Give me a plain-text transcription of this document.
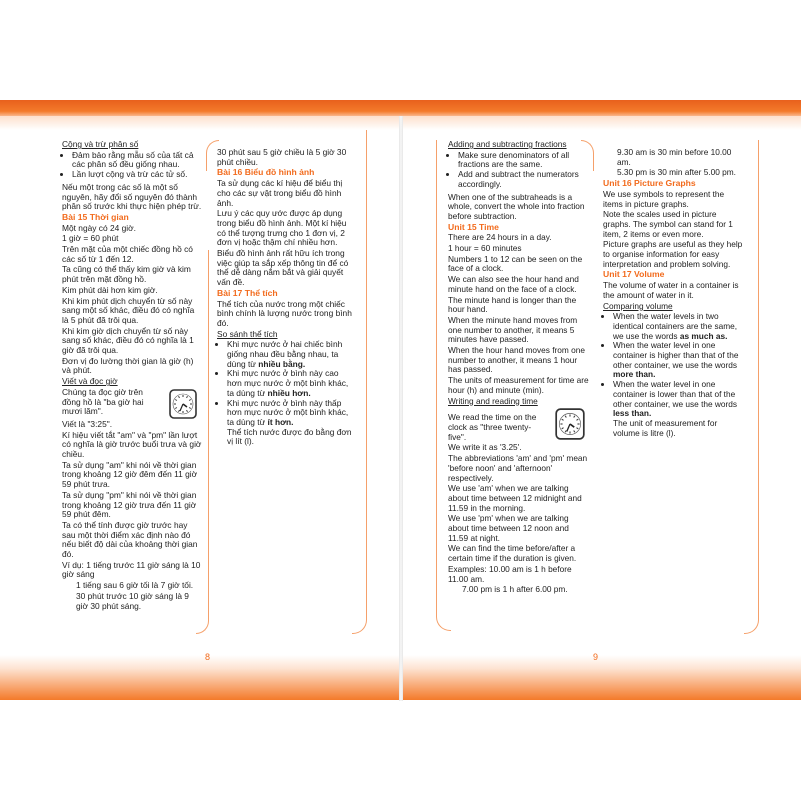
Cộng và trừ phân số

• Đảm bảo rằng mẫu số của tất cả các phân số đều giống nhau.
• Lần lượt cộng và trừ các tử số.

Nếu một trong các số là một số nguyên, hãy đổi số nguyên đó thành phân số trước khi thực hiện phép trừ.

Bài 15 Thời gian

Một ngày có 24 giờ.

1 giờ = 60 phút

Trên mặt của một chiếc đồng hồ có các số từ 1 đến 12.

Ta cũng có thể thấy kim giờ và kim phút trên mặt đồng hồ.

Kim phút dài hơn kim giờ.

Khi kim phút dịch chuyển từ số này sang một số khác, điều đó có nghĩa là 5 phút đã trôi qua.

Khi kim giờ dịch chuyển từ số này sang số khác, điều đó có nghĩa là 1 giờ đã trôi qua.

Đơn vị đo lường thời gian là giờ (h) và phút.

Viết và đọc giờ

Chúng ta đọc giờ trên đồng hồ là "ba giờ hai mươi lăm".

Viết là "3:25".

Kí hiệu viết tắt "am" và "pm" lần lượt có nghĩa là giờ trước buổi trưa và giờ chiều.

Ta sử dụng "am" khi nói về thời gian trong khoảng 12 giờ đêm đến 11 giờ 59 phút trưa.

Ta sử dụng "pm" khi nói về thời gian trong khoảng 12 giờ trưa đến 11 giờ 59 phút đêm.

Ta có thể tính được giờ trước hay sau một thời điểm xác định nào đó nếu biết độ dài của khoảng thời gian đó.

Ví dụ: 1 tiếng trước 11 giờ sáng là 10 giờ sáng

1 tiếng sau 6 giờ tối là 7 giờ tối.

30 phút trước 10 giờ sáng là 9 giờ 30 phút sáng.

30 phút sau 5 giờ chiều là 5 giờ 30 phút chiều.

Bài 16 Biểu đồ hình ảnh

Ta sử dụng các kí hiệu để biểu thị cho các sự vật trong biểu đồ hình ảnh.

Lưu ý các quy ước được áp dụng trong biểu đồ hình ảnh. Một kí hiệu có thể tượng trưng cho 1 đơn vị, 2 đơn vị hoặc thậm chí nhiều hơn.

Biểu đồ hình ảnh rất hữu ích trong việc giúp ta sắp xếp thông tin để có thể dễ dàng nắm bắt và giải quyết vấn đề.

Bài 17 Thể tích

Thể tích của nước trong một chiếc bình chính là lượng nước trong bình đó.

So sánh thể tích

• Khi mực nước ở hai chiếc bình giống nhau đều bằng nhau, ta dùng từ nhiều bằng.
• Khi mực nước ở bình này cao hơn mực nước ở một bình khác, ta dùng từ nhiều hơn.
• Khi mực nước ở bình này thấp hơn mực nước ở một bình khác, ta dùng từ ít hơn.

Thể tích nước được đo bằng đơn vị lít (l).

8

Adding and subtracting fractions

• Make sure denominators of all fractions are the same.
• Add and subtract the numerators accordingly.

When one of the subtraheads is a whole, convert the whole into fraction before subtraction.

Unit 15 Time

There are 24 hours in a day.

1 hour = 60 minutes

Numbers 1 to 12 can be seen on the face of a clock.

We can also see the hour hand and minute hand on the face of a clock.

The minute hand is longer than the hour hand.

When the minute hand moves from one number to another, it means 5 minutes have passed.

When the hour hand moves from one number to another, it means 1 hour has passed.

The units of measurement for time are hour (h) and minute (min).

Writing and reading time

We read the time on the clock as "three twenty-five".

We write it as '3.25'.

The abbreviations 'am' and 'pm' mean 'before noon' and 'afternoon' respectively.

We use 'am' when we are talking about time between 12 midnight and 11.59 in the morning.

We use 'pm' when we are talking about time between 12 noon and 11.59 at night.

We can find the time before/after a certain time if the duration is given.

Examples: 10.00 am is 1 h before 11.00 am.

7.00 pm is 1 h after 6.00 pm.

9.30 am is 30 min before 10.00 am.

5.30 pm is 30 min after 5.00 pm.

Unit 16 Picture Graphs

We use symbols to represent the items in picture graphs.

Note the scales used in picture graphs. The symbol can stand for 1 item, 2 items or even more.

Picture graphs are useful as they help to organise information for easy interpretation and problem solving.

Unit 17 Volume

The volume of water in a container is the amount of water in it.

Comparing volume

• When the water levels in two identical containers are the same, we use the words as much as.
• When the water level in one container is higher than that of the other container, we use the words more than.
• When the water level in one container is lower than that of the other container, we use the words less than.

The unit of measurement for volume is litre (l).

9
